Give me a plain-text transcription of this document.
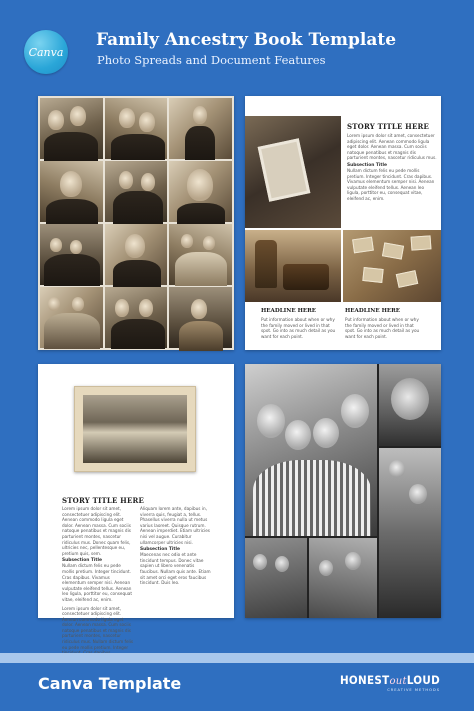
Canva
Family Ancestry Book Template
Photo Spreads and Document Features
STORY TITLE HERE
Lorem ipsum dolor sit amet, consectetuer adipiscing elit. Aenean commodo ligula eget dolor. Aenean massa. Cum sociis natoque penatibus et magnis dis parturient montes, nascetur ridiculus mus.
Subsection Title
Nullam dictum felis eu pede mollis pretium. Integer tincidunt. Cras dapibus. Vivamus elementum semper nisi. Aenean vulputate eleifend tellus. Aenean leo ligula, porttitor eu, consequat vitae, eleifend ac, enim.
HEADLINE HERE	HEADLINE HERE
Put information about when or why the family moved or lived in that spot. Go into as much detail as you want for each point.
Put information about when or why the family moved or lived in that spot. Go into as much detail as you want for each point.
STORY TITLE HERE
Lorem ipsum dolor sit amet, consectetuer adipiscing elit. Aenean commodo ligula eget dolor. Aenean massa. Cum sociis natoque penatibus et magnis dis parturient montes, nascetur ridiculus mus. Donec quam felis, ultricies nec, pellentesque eu, pretium quis, sem.
Subsection Title
Nullam dictum felis eu pede mollis pretium. Integer tincidunt. Cras dapibus. Vivamus elementum semper nisi. Aenean vulputate eleifend tellus. Aenean leo ligula, porttitor eu, consequat vitae, eleifend ac, enim.
Lorem ipsum dolor sit amet, consectetuer adipiscing elit. Aenean commodo ligula eget dolor. Aenean massa. Cum sociis natoque penatibus et magnis dis parturient montes, nascetur ridiculus mus. Nullam dictum felis eu pede mollis pretium. Integer
Aliquam lorem ante, dapibus in, viverra quis, feugiat a, tellus. Phasellus viverra nulla ut metus varius laoreet. Quisque rutrum. Aenean imperdiet. Etiam ultricies nisi vel augue. Curabitur ullamcorper ultricies nisi.
Subsection Title
Maecenas nec odio et ante tincidunt tempus. Donec vitae sapien ut libero venenatis faucibus. Nullam quis ante. Etiam sit amet orci eget eros faucibus tincidunt. Duis leo.
Canva Template	HONESToutLOUD
CREATIVE METHODS
